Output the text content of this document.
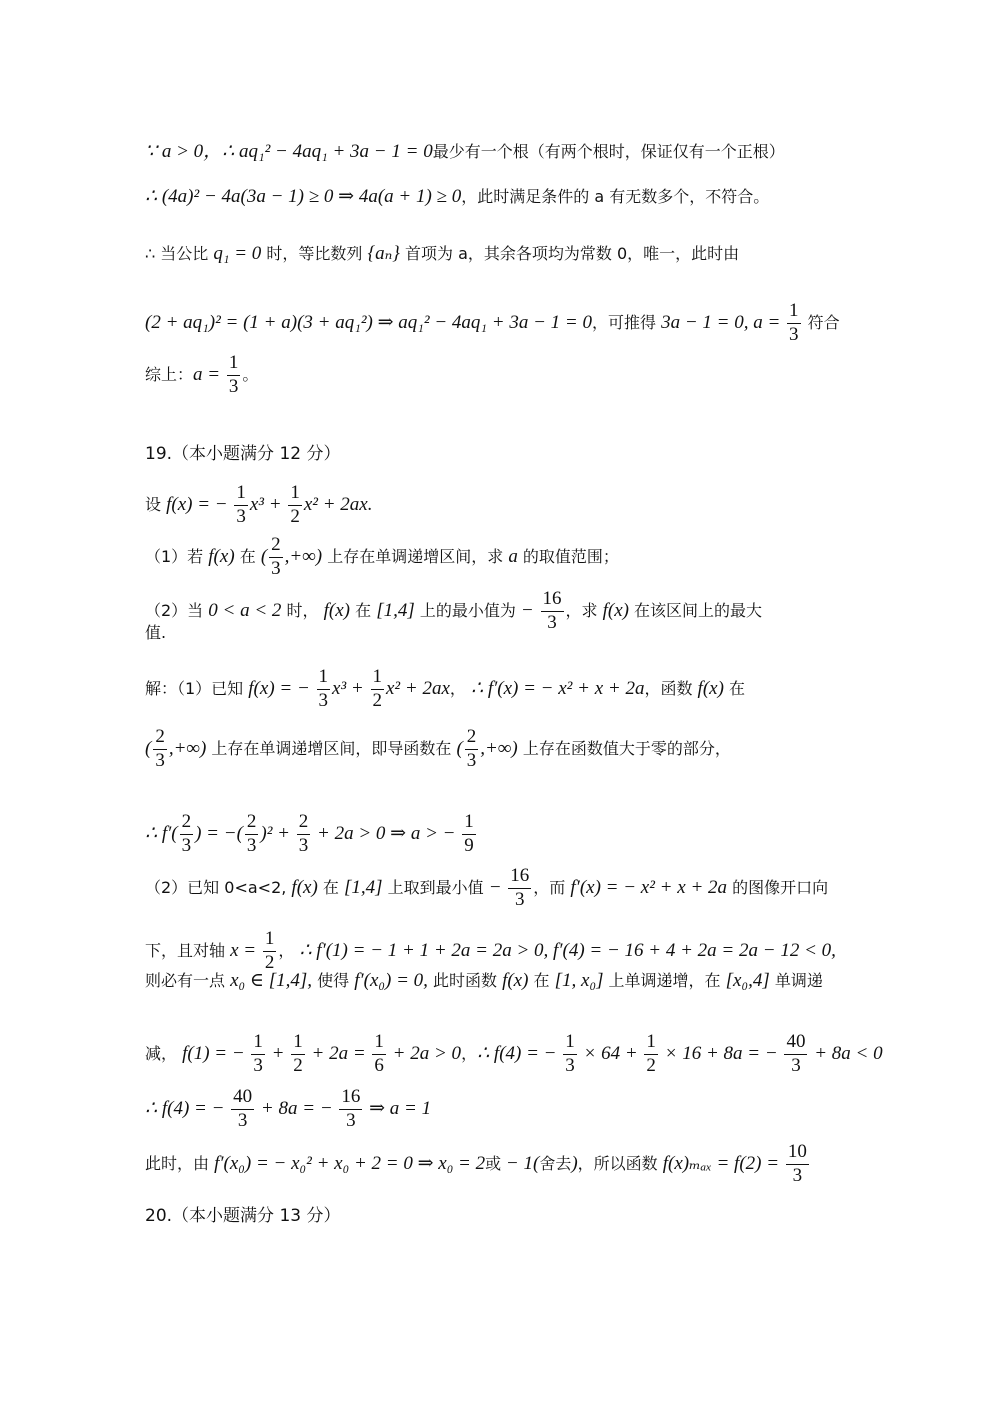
∵ a > 0，∴ aq₁² − 4aq₁ + 3a − 1 = 0最少有一个根（有两个根时，保证仅有一个正根）
∴ (4a)² − 4a(3a − 1) ≥ 0 ⇒ 4a(a + 1) ≥ 0，此时满足条件的 a 有无数多个，不符合。
∴ 当公比 q₁ = 0 时，等比数列 {aₙ} 首项为 a，其余各项均为常数 0，唯一，此时由
(2 + aq₁)² = (1 + a)(3 + aq₁²) ⇒ aq₁² − 4aq₁ + 3a − 1 = 0，可推得 3a − 1 = 0, $a = \frac{1}{3}$ 符合
综上：$a = \frac{1}{3}$ 。
19.（本小题满分 12 分）
设 f(x) = − $\frac{1}{3} x^3 + \frac{1}{2} x^2 + 2ax$.
（1）若 f(x) 在 ( $\frac{2}{3}$ ,+∞) 上存在单调递增区间，求 a 的取值范围；
（2）当 0 < a < 2 时， f(x) 在 [1,4] 上的最小值为 − $\frac{16}{3}$ ，求 f(x) 在该区间上的最大
值.
解：（1）已知 f(x) = − $\frac{1}{3} x^3 + \frac{1}{2} x^2 + 2ax$， ∴ f′(x) = − x² + x + 2a，函数 f(x) 在
( $\frac{2}{3}$ ,+∞) 上存在单调递增区间，即导函数在 ( $\frac{2}{3}$ ,+∞) 上存在函数值大于零的部分，
∴ $f'( \frac{2}{3}$ ) = −( $\frac{2}{3} )^2 + \frac{2}{3} + 2a > 0$ ⇒ a > − $\frac{1}{9}$
（2）已知 0<a<2, f(x) 在 [1,4] 上取到最小值 − $\frac{16}{3}$ ，而 f′(x) = − x² + x + 2a 的图像开口向
下，且对轴 $x = \frac{1}{2}$ ， ∴ f′(1) = − 1 + 1 + 2a = 2a > 0, f′(4) = − 16 + 4 + 2a = 2a − 12 < 0,
则必有一点 x₀ ∈ [1,4], 使得 f′(x₀) = 0, 此时函数 f(x) 在 [1, x₀] 上单调递增，在 [x₀,4] 单调递
减， f(1) = − $\frac{1}{3} + \frac{1}{2} + 2a = \frac{1}{6} + 2a > 0$，∴ f(4) = − $\frac{1}{3} \times 64 + \frac{1}{2} \times 16 + 8a$ = − $\frac{40}{3} + 8a < 0$
∴ f(4) = − $\frac{40}{3} + 8a$ = − $\frac{16}{3}$ ⇒ a = 1
此时，由 f′(x₀) = − x₀² + x₀ + 2 = 0 ⇒ x₀ = 2或 − 1(舍去)，所以函数 $f(x)_{max} = f(2) = \frac{10}{3}$
20.（本小题满分 13 分）
